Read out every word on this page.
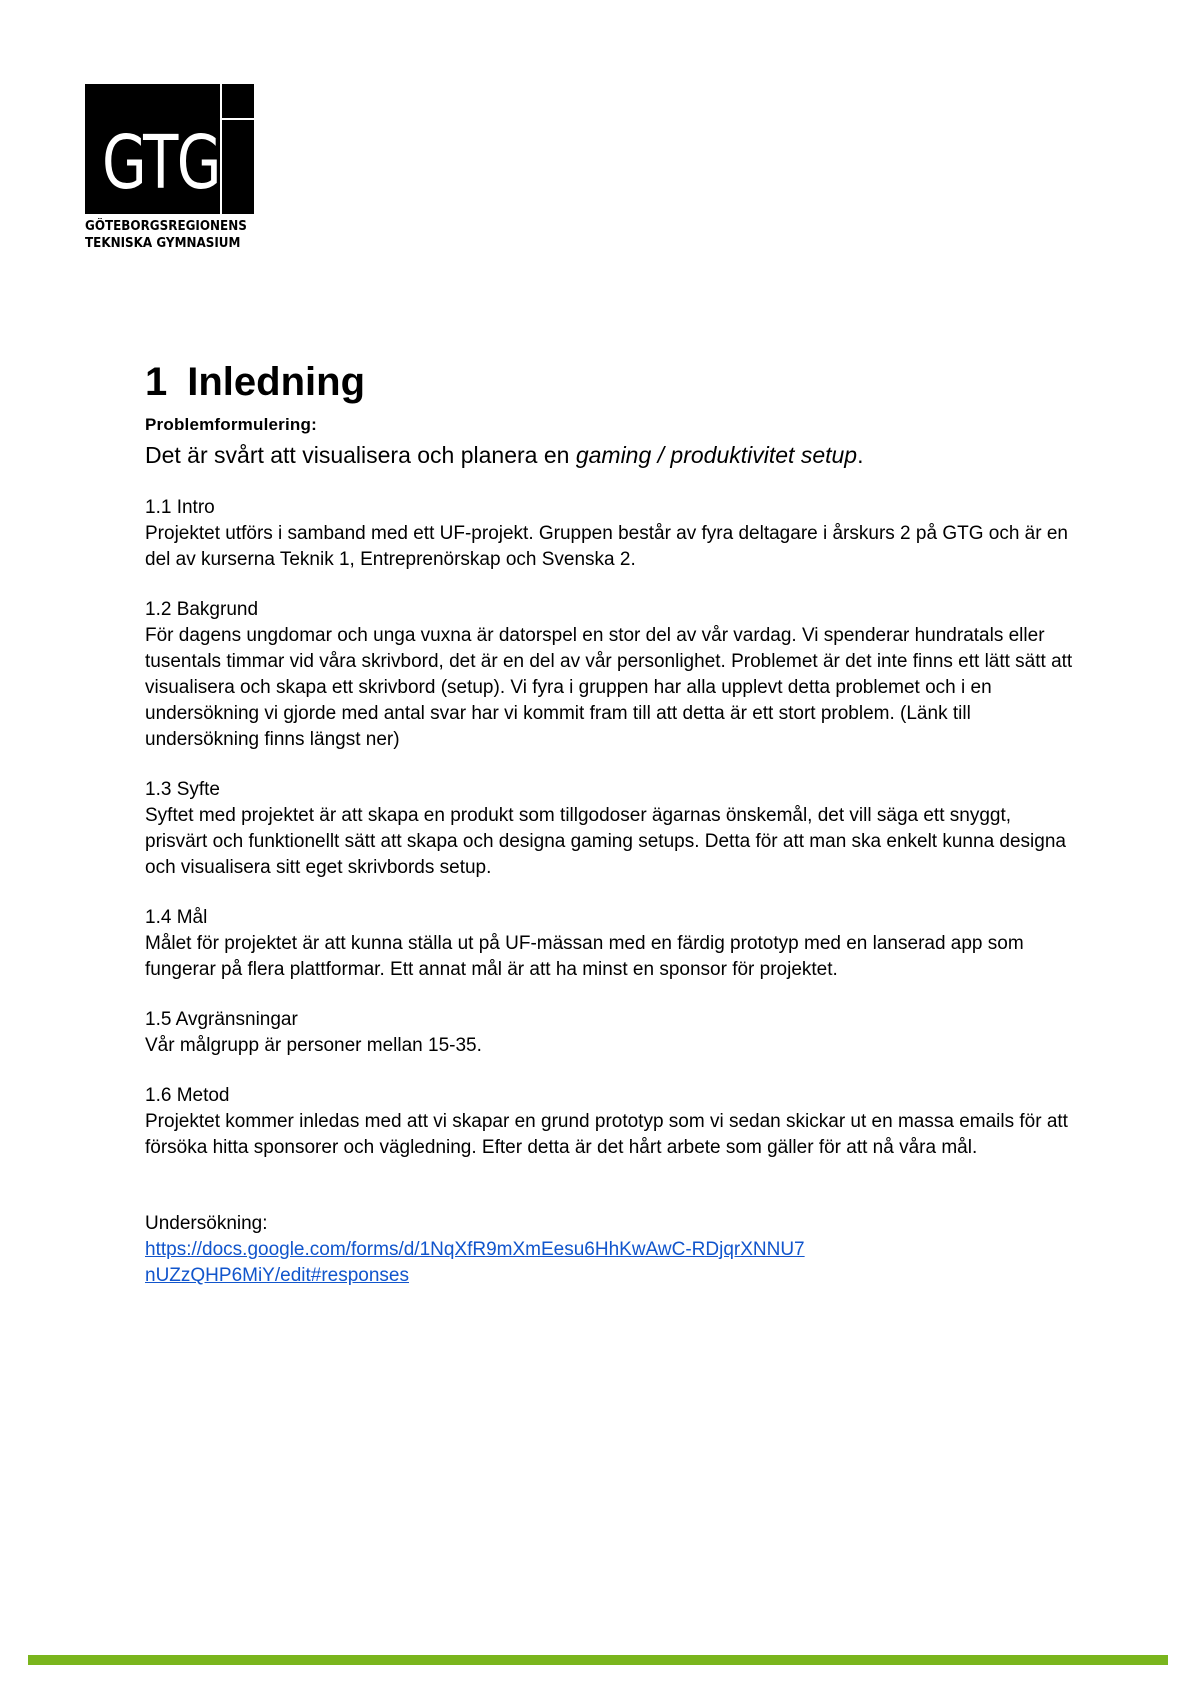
GTG
GÖTEBORGSREGIONENS
TEKNISKA GYMNASIUM
1 Inledning
Problemformulering:
Det är svårt att visualisera och planera en gaming / produktivitet setup.
1.1 Intro
Projektet utförs i samband med ett UF-projekt. Gruppen består av fyra deltagare i årskurs 2 på GTG och är en del av kurserna Teknik 1, Entreprenörskap och Svenska 2.
1.2 Bakgrund
För dagens ungdomar och unga vuxna är datorspel en stor del av vår vardag. Vi spenderar hundratals eller tusentals timmar vid våra skrivbord, det är en del av vår personlighet. Problemet är det inte finns ett lätt sätt att visualisera och skapa ett skrivbord (setup). Vi fyra i gruppen har alla upplevt detta problemet och i en undersökning vi gjorde med antal svar har vi kommit fram till att detta är ett stort problem. (Länk till undersökning finns längst ner)
1.3 Syfte
Syftet med projektet är att skapa en produkt som tillgodoser ägarnas önskemål, det vill säga ett snyggt, prisvärt och funktionellt sätt att skapa och designa gaming setups. Detta för att man ska enkelt kunna designa och visualisera sitt eget skrivbords setup.
1.4 Mål
Målet för projektet är att kunna ställa ut på UF-mässan med en färdig prototyp med en lanserad app som fungerar på flera plattformar. Ett annat mål är att ha minst en sponsor för projektet.
1.5 Avgränsningar
Vår målgrupp är personer mellan 15-35.
1.6 Metod
Projektet kommer inledas med att vi skapar en grund prototyp som vi sedan skickar ut en massa emails för att försöka hitta sponsorer och vägledning. Efter detta är det hårt arbete som gäller för att nå våra mål.
Undersökning:
https://docs.google.com/forms/d/1NqXfR9mXmEesu6HhKwAwC-RDjqrXNNU7nUZzQHP6MiY/edit#responses
